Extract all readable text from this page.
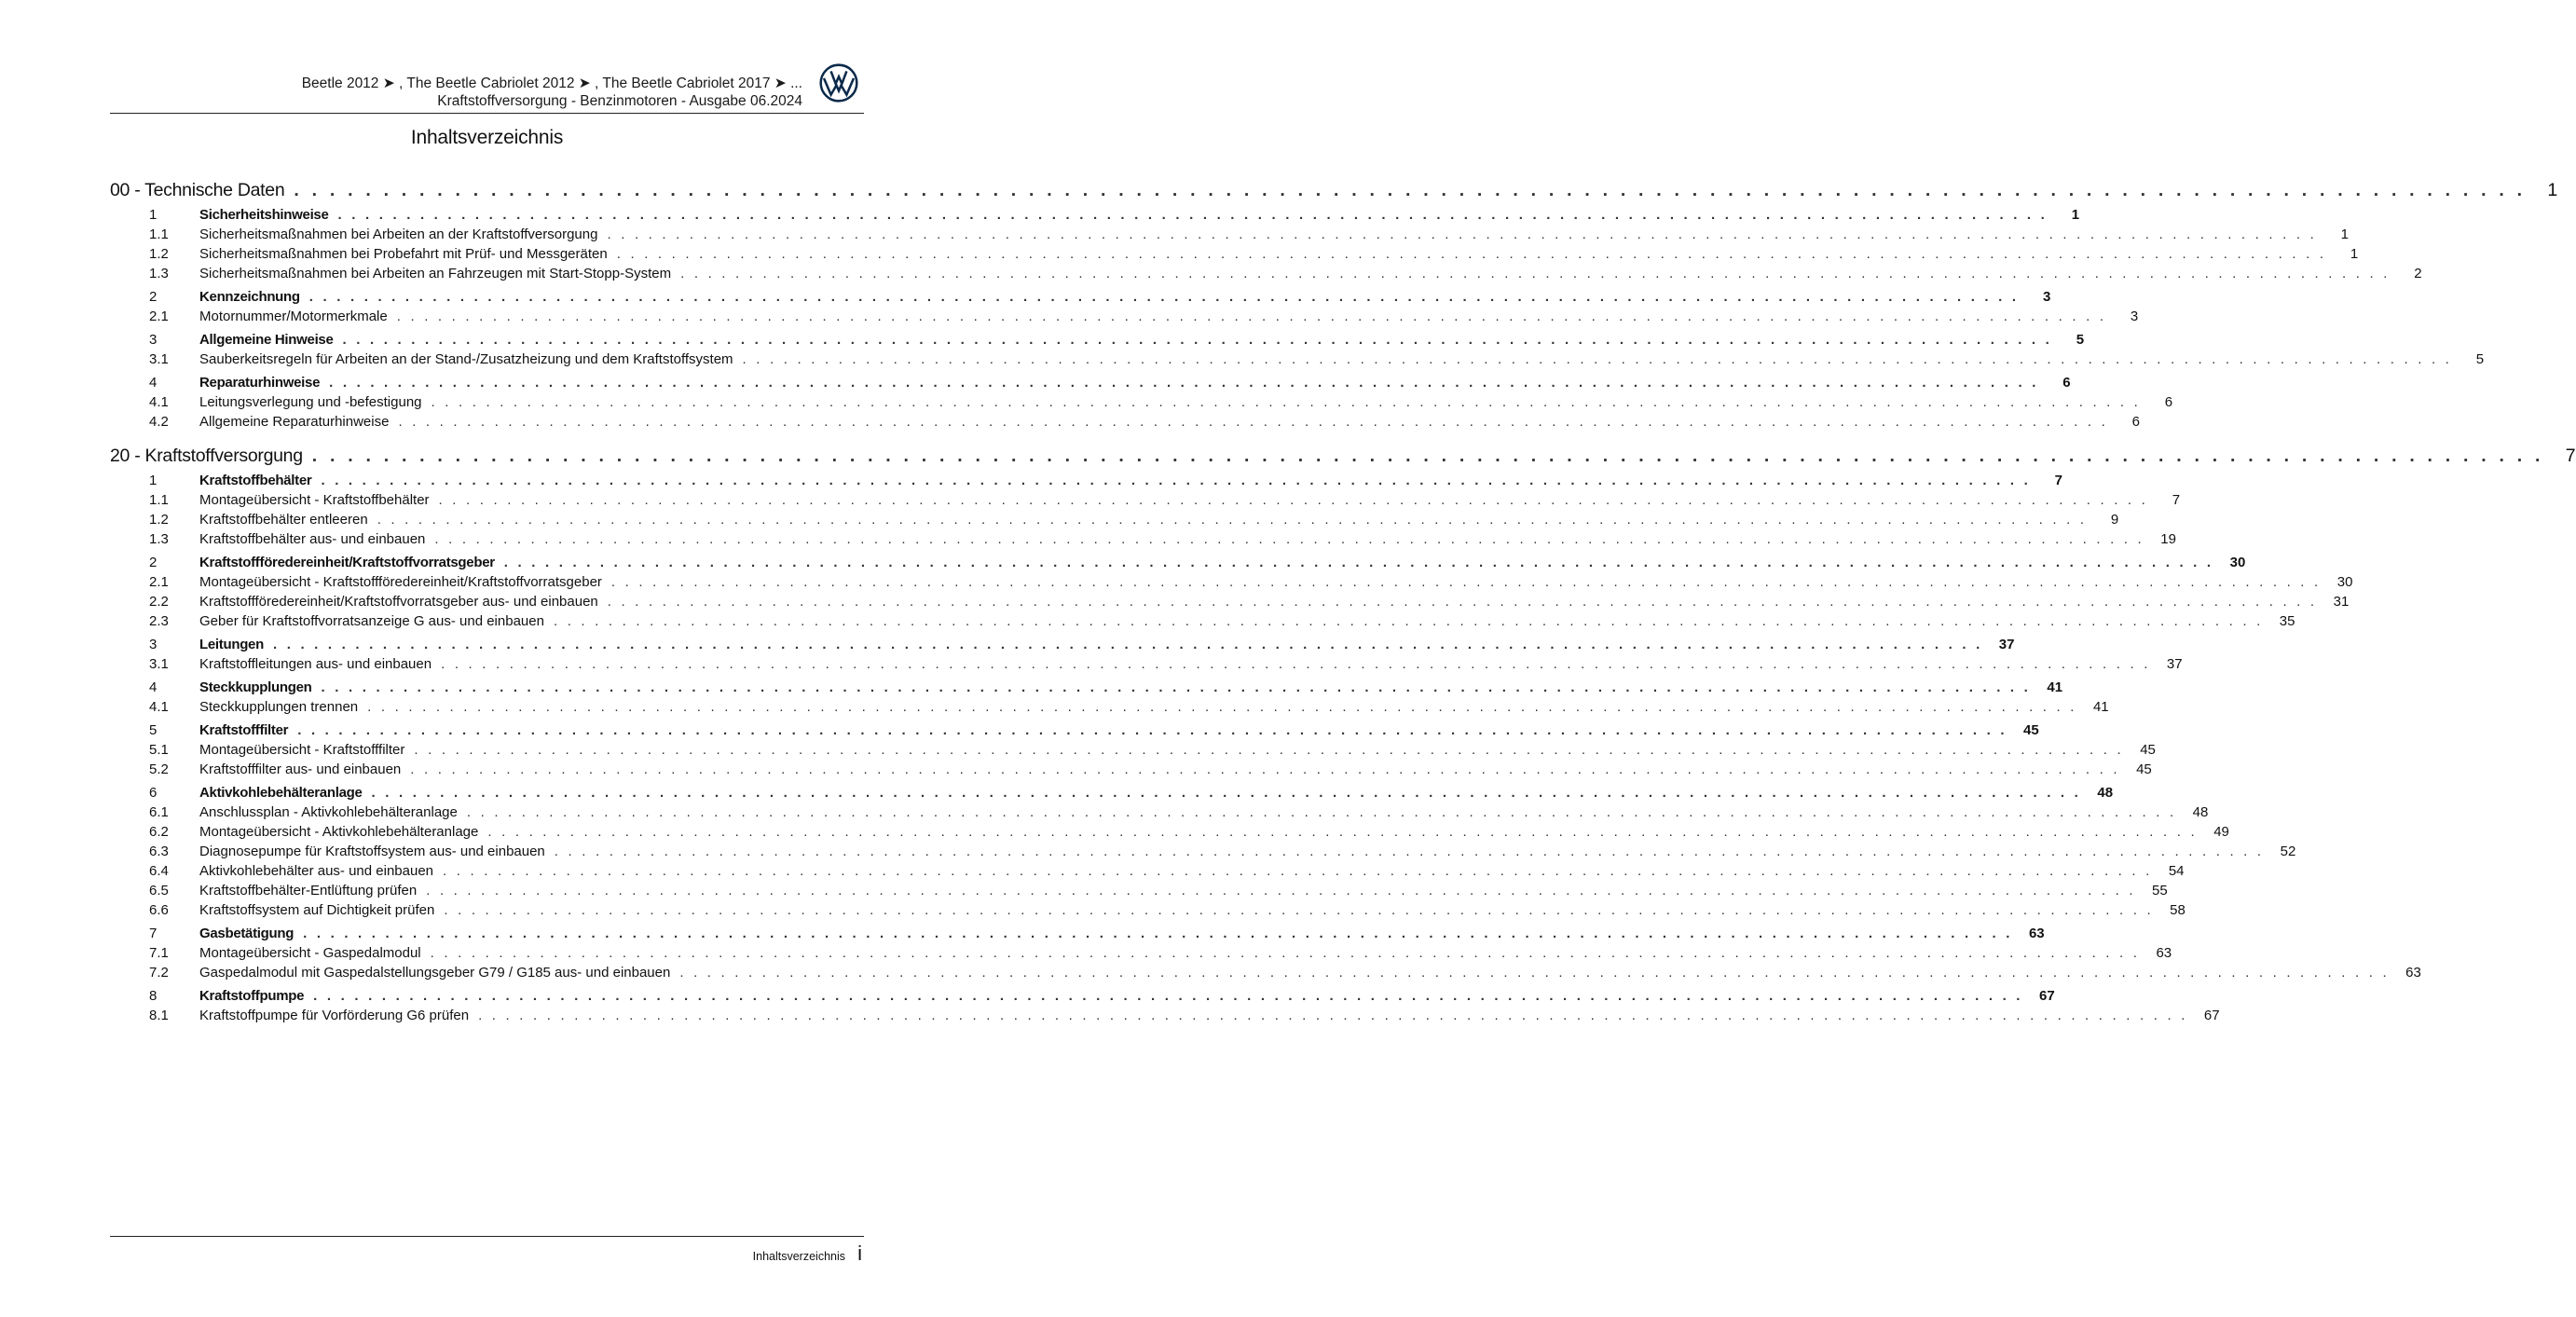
Beetle 2012 ➤ , The Beetle Cabriolet 2012 ➤ , The Beetle Cabriolet 2017 ➤ ...
Kraftstoffversorgung - Benzinmotoren - Ausgabe 06.2024
Inhaltsverzeichnis
00 - Technische Daten . . . . . . . . . . . . . . . . . . . . . . . . . . . . . . . . . . . . . . . . . . . . . . . . . . . . . . . . . . . . . . . . . . . . . . . . . . . . . . . . . . . . . . . . . . . . . . . . . . . . . . . . . . . . . . . . . . . . . . . . . . . . .	1
1	Sicherheitshinweise . . . . . . . . . . . . . . . . . . . . . . . . . . . . . . . . . . . . . . . . . . . . . . . . . . . . . . . . . . . . . . . . . . . . . . . . . . . . . . . . . . . . . . . . . . . . . . . . . . . . . . . . . . . . . . . . . . . . . . . . . . . . .	1
1.1	Sicherheitsmaßnahmen bei Arbeiten an der Kraftstoffversorgung . . . . . . . . . . . . . . . . . . . . . . . . . . . . . . . . . . . . . . . . . . . . . . . . . . . . . . . . . . . . . . . . . . . . . . . . . . . . . . . . . . . . . . . . . . . . . . . . . . . . . . . . . . . . . . . . . . . . . . . . . . . . .	1
1.2	Sicherheitsmaßnahmen bei Probefahrt mit Prüf- und Messgeräten . . . . . . . . . . . . . . . . . . . . . . . . . . . . . . . . . . . . . . . . . . . . . . . . . . . . . . . . . . . . . . . . . . . . . . . . . . . . . . . . . . . . . . . . . . . . . . . . . . . . . . . . . . . . . . . . . . . . . . . . . . . . .	1
1.3	Sicherheitsmaßnahmen bei Arbeiten an Fahrzeugen mit Start-Stopp-System . . . . . . . . . . . . . . . . . . . . . . . . . . . . . . . . . . . . . . . . . . . . . . . . . . . . . . . . . . . . . . . . . . . . . . . . . . . . . . . . . . . . . . . . . . . . . . . . . . . . . . . . . . . . . . . . . . . . . . . . . . . . .	2
2	Kennzeichnung . . . . . . . . . . . . . . . . . . . . . . . . . . . . . . . . . . . . . . . . . . . . . . . . . . . . . . . . . . . . . . . . . . . . . . . . . . . . . . . . . . . . . . . . . . . . . . . . . . . . . . . . . . . . . . . . . . . . . . . . . . . . .	3
2.1	Motornummer/Motormerkmale . . . . . . . . . . . . . . . . . . . . . . . . . . . . . . . . . . . . . . . . . . . . . . . . . . . . . . . . . . . . . . . . . . . . . . . . . . . . . . . . . . . . . . . . . . . . . . . . . . . . . . . . . . . . . . . . . . . . . . . . . . . . .	3
3	Allgemeine Hinweise . . . . . . . . . . . . . . . . . . . . . . . . . . . . . . . . . . . . . . . . . . . . . . . . . . . . . . . . . . . . . . . . . . . . . . . . . . . . . . . . . . . . . . . . . . . . . . . . . . . . . . . . . . . . . . . . . . . . . . . . . . . . .	5
3.1	Sauberkeitsregeln für Arbeiten an der Stand-/Zusatzheizung und dem Kraftstoffsystem . . . . . . . . . . . . . . . . . . . . . . . . . . . . . . . . . . . . . . . . . . . . . . . . . . . . . . . . . . . . . . . . . . . . . . . . . . . . . . . . . . . . . . . . . . . . . . . . . . . . . . . . . . . . . . . . . . . . . . . . . . . . .	5
4	Reparaturhinweise . . . . . . . . . . . . . . . . . . . . . . . . . . . . . . . . . . . . . . . . . . . . . . . . . . . . . . . . . . . . . . . . . . . . . . . . . . . . . . . . . . . . . . . . . . . . . . . . . . . . . . . . . . . . . . . . . . . . . . . . . . . . .	6
4.1	Leitungsverlegung und -befestigung . . . . . . . . . . . . . . . . . . . . . . . . . . . . . . . . . . . . . . . . . . . . . . . . . . . . . . . . . . . . . . . . . . . . . . . . . . . . . . . . . . . . . . . . . . . . . . . . . . . . . . . . . . . . . . . . . . . . . . . . . . . . .	6
4.2	Allgemeine Reparaturhinweise . . . . . . . . . . . . . . . . . . . . . . . . . . . . . . . . . . . . . . . . . . . . . . . . . . . . . . . . . . . . . . . . . . . . . . . . . . . . . . . . . . . . . . . . . . . . . . . . . . . . . . . . . . . . . . . . . . . . . . . . . . . . .	6
20 - Kraftstoffversorgung . . . . . . . . . . . . . . . . . . . . . . . . . . . . . . . . . . . . . . . . . . . . . . . . . . . . . . . . . . . . . . . . . . . . . . . . . . . . . . . . . . . . . . . . . . . . . . . . . . . . . . . . . . . . . . . . . . . . . . . . . . . . .	7
1	Kraftstoffbehälter . . . . . . . . . . . . . . . . . . . . . . . . . . . . . . . . . . . . . . . . . . . . . . . . . . . . . . . . . . . . . . . . . . . . . . . . . . . . . . . . . . . . . . . . . . . . . . . . . . . . . . . . . . . . . . . . . . . . . . . . . . . . .	7
1.1	Montageübersicht - Kraftstoffbehälter . . . . . . . . . . . . . . . . . . . . . . . . . . . . . . . . . . . . . . . . . . . . . . . . . . . . . . . . . . . . . . . . . . . . . . . . . . . . . . . . . . . . . . . . . . . . . . . . . . . . . . . . . . . . . . . . . . . . . . . . . . . . .	7
1.2	Kraftstoffbehälter entleeren . . . . . . . . . . . . . . . . . . . . . . . . . . . . . . . . . . . . . . . . . . . . . . . . . . . . . . . . . . . . . . . . . . . . . . . . . . . . . . . . . . . . . . . . . . . . . . . . . . . . . . . . . . . . . . . . . . . . . . . . . . . . .	9
1.3	Kraftstoffbehälter aus- und einbauen . . . . . . . . . . . . . . . . . . . . . . . . . . . . . . . . . . . . . . . . . . . . . . . . . . . . . . . . . . . . . . . . . . . . . . . . . . . . . . . . . . . . . . . . . . . . . . . . . . . . . . . . . . . . . . . . . . . . . . . . . . . . .	19
2	Kraftstoffföredereinheit/Kraftstoffvorratsgeber . . . . . . . . . . . . . . . . . . . . . . . . . . . . . . . . . . . . . . . . . . . . . . . . . . . . . . . . . . . . . . . . . . . . . . . . . . . . . . . . . . . . . . . . . . . . . . . . . . . . . . . . . . . . . . . . . . . . . . . . . . . . .	30
2.1	Montageübersicht - Kraftstoffföredereinheit/Kraftstoffvorratsgeber . . . . . . . . . . . . . . . . . . . . . . . . . . . . . . . . . . . . . . . . . . . . . . . . . . . . . . . . . . . . . . . . . . . . . . . . . . . . . . . . . . . . . . . . . . . . . . . . . . . . . . . . . . . . . . . . . . . . . . . . . . . . .	30
2.2	Kraftstoffföredereinheit/Kraftstoffvorratsgeber aus- und einbauen . . . . . . . . . . . . . . . . . . . . . . . . . . . . . . . . . . . . . . . . . . . . . . . . . . . . . . . . . . . . . . . . . . . . . . . . . . . . . . . . . . . . . . . . . . . . . . . . . . . . . . . . . . . . . . . . . . . . . . . . . . . . .	31
2.3	Geber für Kraftstoffvorratsanzeige G aus- und einbauen . . . . . . . . . . . . . . . . . . . . . . . . . . . . . . . . . . . . . . . . . . . . . . . . . . . . . . . . . . . . . . . . . . . . . . . . . . . . . . . . . . . . . . . . . . . . . . . . . . . . . . . . . . . . . . . . . . . . . . . . . . . . .	35
3	Leitungen . . . . . . . . . . . . . . . . . . . . . . . . . . . . . . . . . . . . . . . . . . . . . . . . . . . . . . . . . . . . . . . . . . . . . . . . . . . . . . . . . . . . . . . . . . . . . . . . . . . . . . . . . . . . . . . . . . . . . . . . . . . . .	37
3.1	Kraftstoffleitungen aus- und einbauen . . . . . . . . . . . . . . . . . . . . . . . . . . . . . . . . . . . . . . . . . . . . . . . . . . . . . . . . . . . . . . . . . . . . . . . . . . . . . . . . . . . . . . . . . . . . . . . . . . . . . . . . . . . . . . . . . . . . . . . . . . . . .	37
4	Steckkupplungen . . . . . . . . . . . . . . . . . . . . . . . . . . . . . . . . . . . . . . . . . . . . . . . . . . . . . . . . . . . . . . . . . . . . . . . . . . . . . . . . . . . . . . . . . . . . . . . . . . . . . . . . . . . . . . . . . . . . . . . . . . . . .	41
4.1	Steckkupplungen trennen . . . . . . . . . . . . . . . . . . . . . . . . . . . . . . . . . . . . . . . . . . . . . . . . . . . . . . . . . . . . . . . . . . . . . . . . . . . . . . . . . . . . . . . . . . . . . . . . . . . . . . . . . . . . . . . . . . . . . . . . . . . . .	41
5	Kraftstofffilter . . . . . . . . . . . . . . . . . . . . . . . . . . . . . . . . . . . . . . . . . . . . . . . . . . . . . . . . . . . . . . . . . . . . . . . . . . . . . . . . . . . . . . . . . . . . . . . . . . . . . . . . . . . . . . . . . . . . . . . . . . . . .	45
5.1	Montageübersicht - Kraftstofffilter . . . . . . . . . . . . . . . . . . . . . . . . . . . . . . . . . . . . . . . . . . . . . . . . . . . . . . . . . . . . . . . . . . . . . . . . . . . . . . . . . . . . . . . . . . . . . . . . . . . . . . . . . . . . . . . . . . . . . . . . . . . . .	45
5.2	Kraftstofffilter aus- und einbauen . . . . . . . . . . . . . . . . . . . . . . . . . . . . . . . . . . . . . . . . . . . . . . . . . . . . . . . . . . . . . . . . . . . . . . . . . . . . . . . . . . . . . . . . . . . . . . . . . . . . . . . . . . . . . . . . . . . . . . . . . . . . .	45
6	Aktivkohlebehälteranlage . . . . . . . . . . . . . . . . . . . . . . . . . . . . . . . . . . . . . . . . . . . . . . . . . . . . . . . . . . . . . . . . . . . . . . . . . . . . . . . . . . . . . . . . . . . . . . . . . . . . . . . . . . . . . . . . . . . . . . . . . . . . .	48
6.1	Anschlussplan - Aktivkohlebehälteranlage . . . . . . . . . . . . . . . . . . . . . . . . . . . . . . . . . . . . . . . . . . . . . . . . . . . . . . . . . . . . . . . . . . . . . . . . . . . . . . . . . . . . . . . . . . . . . . . . . . . . . . . . . . . . . . . . . . . . . . . . . . . . .	48
6.2	Montageübersicht - Aktivkohlebehälteranlage . . . . . . . . . . . . . . . . . . . . . . . . . . . . . . . . . . . . . . . . . . . . . . . . . . . . . . . . . . . . . . . . . . . . . . . . . . . . . . . . . . . . . . . . . . . . . . . . . . . . . . . . . . . . . . . . . . . . . . . . . . . . .	49
6.3	Diagnosepumpe für Kraftstoffsystem aus- und einbauen . . . . . . . . . . . . . . . . . . . . . . . . . . . . . . . . . . . . . . . . . . . . . . . . . . . . . . . . . . . . . . . . . . . . . . . . . . . . . . . . . . . . . . . . . . . . . . . . . . . . . . . . . . . . . . . . . . . . . . . . . . . . .	52
6.4	Aktivkohlebehälter aus- und einbauen . . . . . . . . . . . . . . . . . . . . . . . . . . . . . . . . . . . . . . . . . . . . . . . . . . . . . . . . . . . . . . . . . . . . . . . . . . . . . . . . . . . . . . . . . . . . . . . . . . . . . . . . . . . . . . . . . . . . . . . . . . . . .	54
6.5	Kraftstoffbehälter-Entlüftung prüfen . . . . . . . . . . . . . . . . . . . . . . . . . . . . . . . . . . . . . . . . . . . . . . . . . . . . . . . . . . . . . . . . . . . . . . . . . . . . . . . . . . . . . . . . . . . . . . . . . . . . . . . . . . . . . . . . . . . . . . . . . . . . .	55
6.6	Kraftstoffsystem auf Dichtigkeit prüfen . . . . . . . . . . . . . . . . . . . . . . . . . . . . . . . . . . . . . . . . . . . . . . . . . . . . . . . . . . . . . . . . . . . . . . . . . . . . . . . . . . . . . . . . . . . . . . . . . . . . . . . . . . . . . . . . . . . . . . . . . . . . .	58
7	Gasbetätigung . . . . . . . . . . . . . . . . . . . . . . . . . . . . . . . . . . . . . . . . . . . . . . . . . . . . . . . . . . . . . . . . . . . . . . . . . . . . . . . . . . . . . . . . . . . . . . . . . . . . . . . . . . . . . . . . . . . . . . . . . . . . .	63
7.1	Montageübersicht - Gaspedalmodul . . . . . . . . . . . . . . . . . . . . . . . . . . . . . . . . . . . . . . . . . . . . . . . . . . . . . . . . . . . . . . . . . . . . . . . . . . . . . . . . . . . . . . . . . . . . . . . . . . . . . . . . . . . . . . . . . . . . . . . . . . . . .	63
7.2	Gaspedalmodul mit Gaspedalstellungsgeber G79 / G185 aus- und einbauen . . . . . . . . . . . . . . . . . . . . . . . . . . . . . . . . . . . . . . . . . . . . . . . . . . . . . . . . . . . . . . . . . . . . . . . . . . . . . . . . . . . . . . . . . . . . . . . . . . . . . . . . . . . . . . . . . . . . . . . . . . . . .	63
8	Kraftstoffpumpe . . . . . . . . . . . . . . . . . . . . . . . . . . . . . . . . . . . . . . . . . . . . . . . . . . . . . . . . . . . . . . . . . . . . . . . . . . . . . . . . . . . . . . . . . . . . . . . . . . . . . . . . . . . . . . . . . . . . . . . . . . . . .	67
8.1	Kraftstoffpumpe für Vorförderung G6 prüfen . . . . . . . . . . . . . . . . . . . . . . . . . . . . . . . . . . . . . . . . . . . . . . . . . . . . . . . . . . . . . . . . . . . . . . . . . . . . . . . . . . . . . . . . . . . . . . . . . . . . . . . . . . . . . . . . . . . . . . . . . . . . .	67
Inhaltsverzeichnis i
